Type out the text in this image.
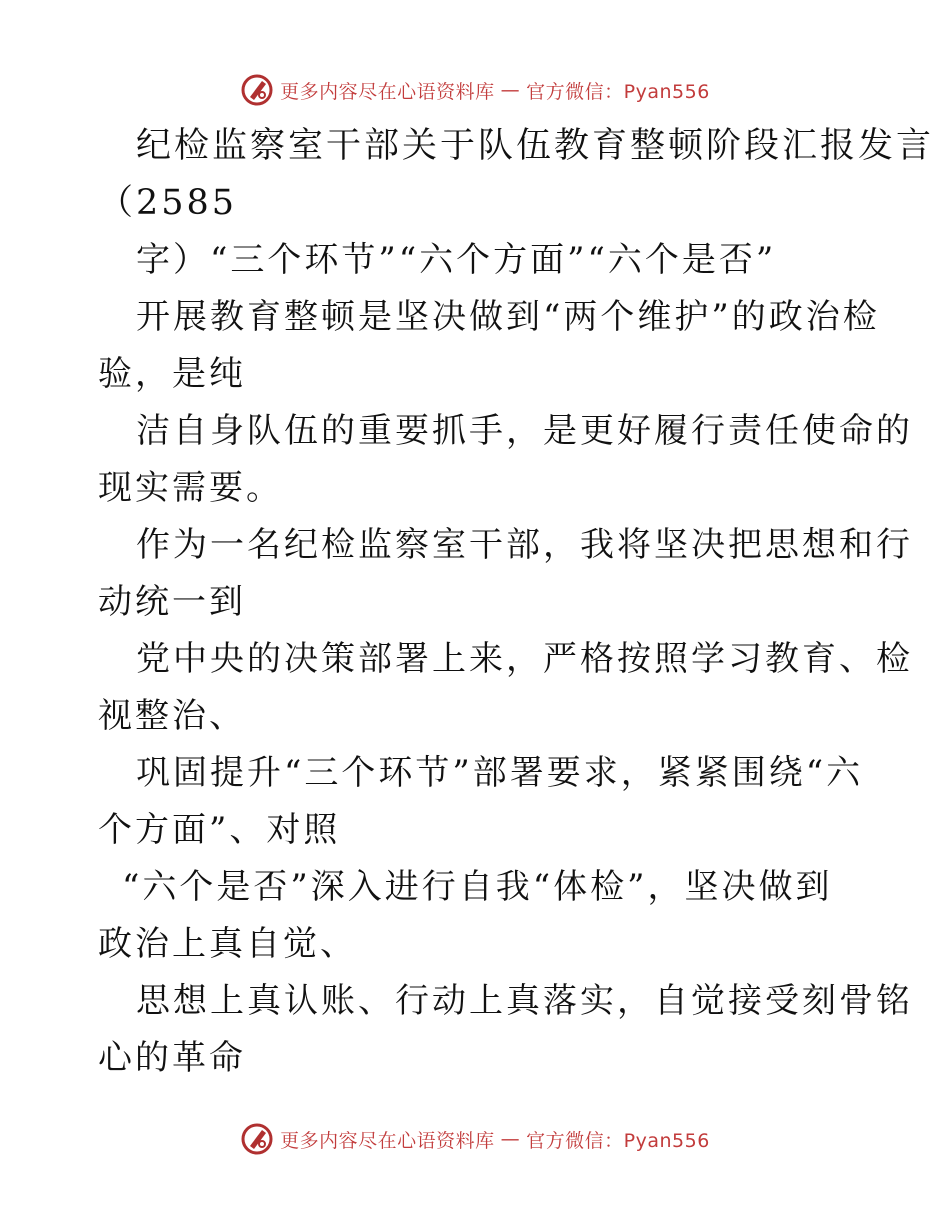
更多内容尽在心语资料库 — 官方微信：Pyan556

纪检监察室干部关于队伍教育整顿阶段汇报发言
（2585

字）“三个环节”“六个方面”“六个是否”

开展教育整顿是坚决做到“两个维护”的政治检
验，是纯

洁自身队伍的重要抓手，是更好履行责任使命的
现实需要。

作为一名纪检监察室干部，我将坚决把思想和行
动统一到

党中央的决策部署上来，严格按照学习教育、检
视整治、

巩固提升“三个环节”部署要求，紧紧围绕“六
个方面”、对照

“六个是否”深入进行自我“体检”，坚决做到
政治上真自觉、

思想上真认账、行动上真落实，自觉接受刻骨铭
心的革命

更多内容尽在心语资料库 — 官方微信：Pyan556
